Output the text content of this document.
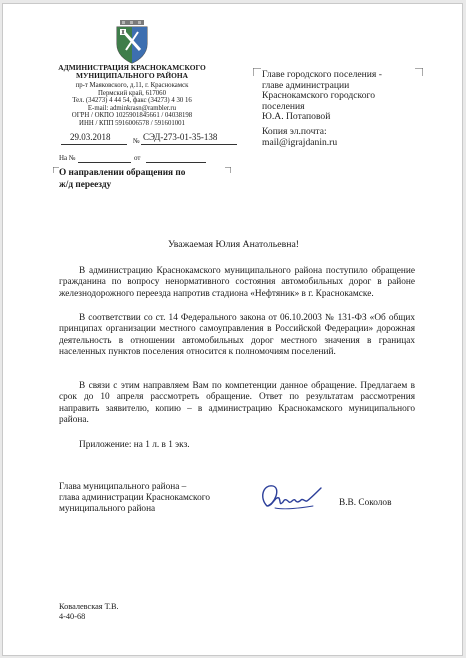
АДМИНИСТРАЦИЯ КРАСНОКАМСКОГО
МУНИЦИПАЛЬНОГО РАЙОНА
пр-т Маяковского, д.11, г. Краснокамск
Пермский край, 617060
Тел. (34273) 4 44 54, факс (34273) 4 30 16
E-mail: adminkrasn@rambler.ru
ОГРН / ОКПО 1025901845661 / 04038198
ИНН / КПП 5916006578 / 591601001
29.03.2018	№ СЭД-273-01-35-138
На №	от
Главе городского поселения -
главе администрации
Краснокамского городского
поселения
Ю.А. Потаповой
Копия эл.почта:
mail@igrajdanin.ru
О направлении обращения по
ж/д переезду
Уважаемая Юлия Анатольевна!
В администрацию Краснокамского муниципального района поступило обращение гражданина по вопросу ненормативного состояния автомобильных дорог в районе железнодорожного переезда напротив стадиона «Нефтяник» в г. Краснокамске.
В соответствии со ст. 14 Федерального закона от 06.10.2003 № 131-ФЗ «Об общих принципах организации местного самоуправления в Российской Федерации» дорожная деятельность в отношении автомобильных дорог местного значения в границах населенных пунктов поселения относится к полномочиям поселений.
В связи с этим направляем Вам по компетенции данное обращение. Предлагаем в срок до 10 апреля рассмотреть обращение. Ответ по результатам рассмотрения направить заявителю, копию – в администрацию Краснокамского муниципального района.
Приложение: на 1 л. в 1 экз.
Глава муниципального района –
глава администрации Краснокамского
муниципального района
В.В. Соколов
Ковалевская Т.В.
4-40-68
